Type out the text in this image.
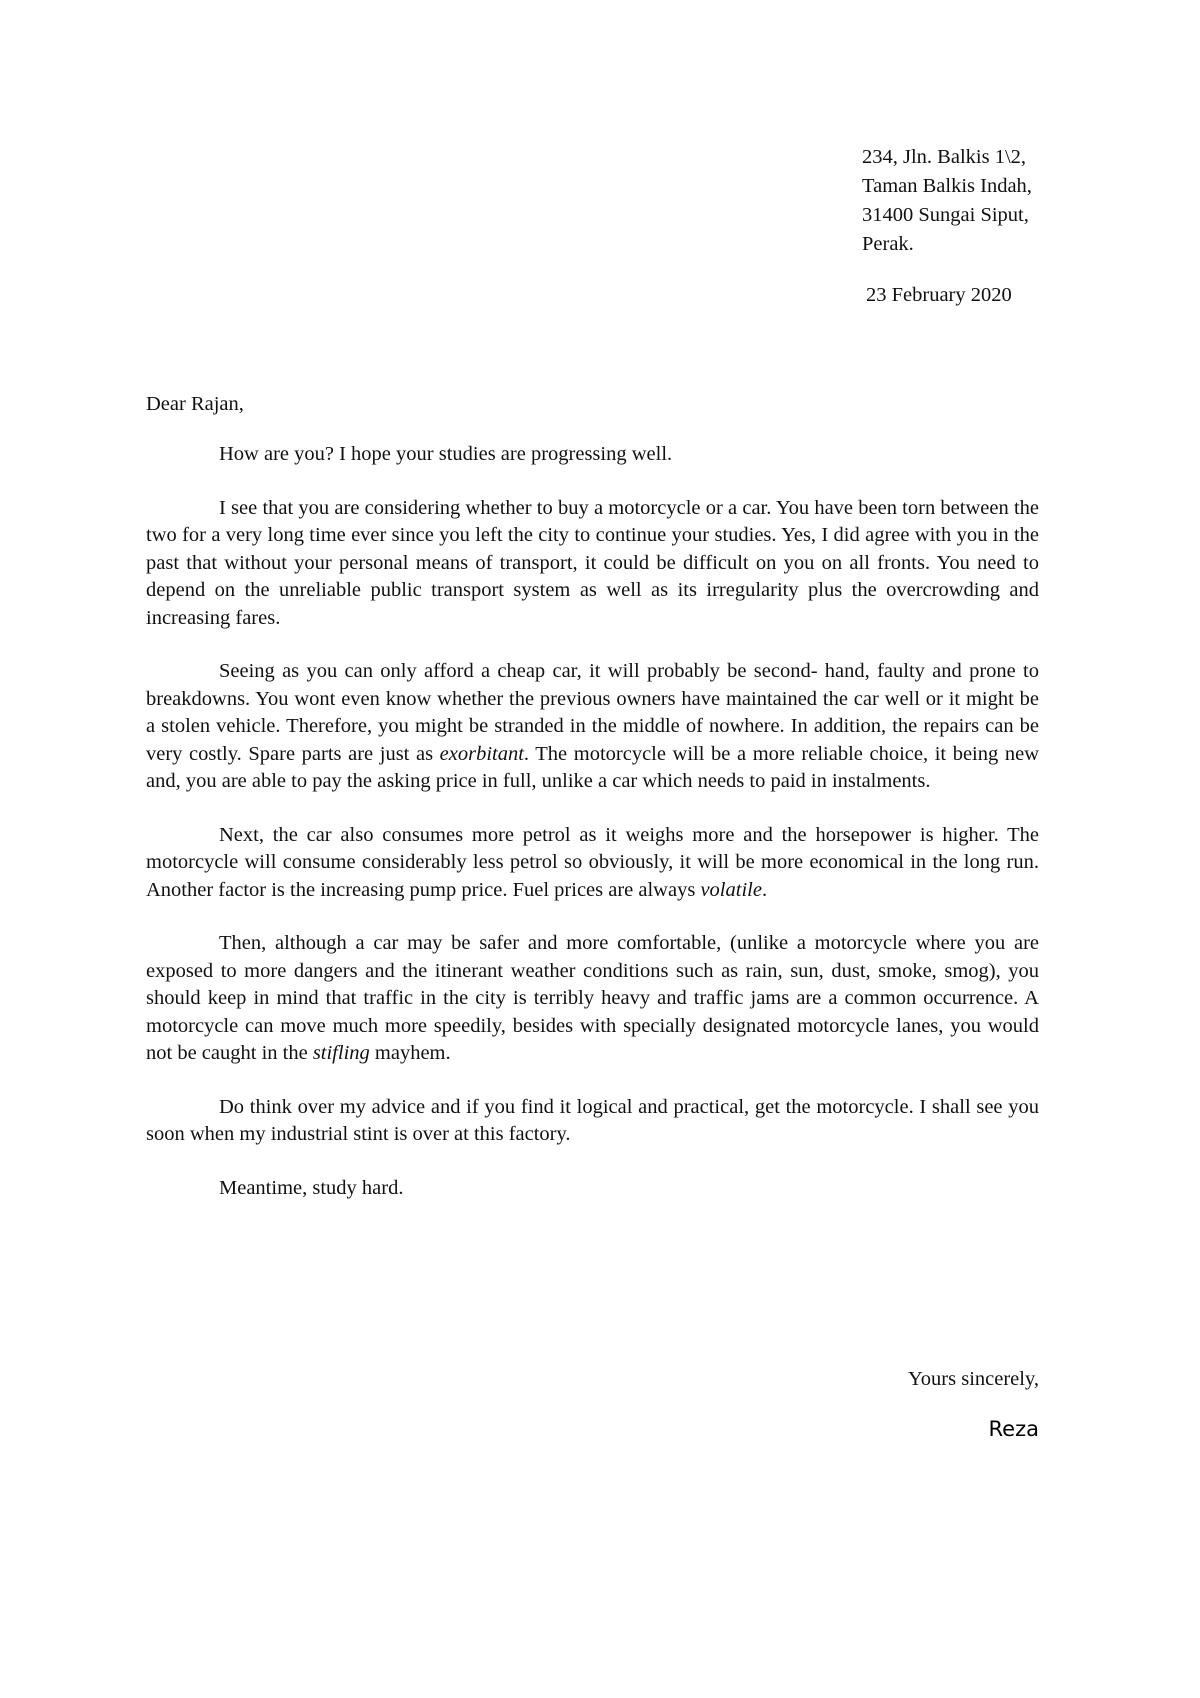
234, Jln. Balkis 1\2,
Taman Balkis Indah,
31400 Sungai Siput,
Perak.
23 February 2020
Dear Rajan,

How are you? I hope your studies are progressing well.

I see that you are considering whether to buy a motorcycle or a car. You have been torn between the two for a very long time ever since you left the city to continue your studies. Yes, I did agree with you in the past that without your personal means of transport, it could be difficult on you on all fronts. You need to depend on the unreliable public transport system as well as its irregularity plus the overcrowding and increasing fares.

Seeing as you can only afford a cheap car, it will probably be second- hand, faulty and prone to breakdowns. You wont even know whether the previous owners have maintained the car well or it might be a stolen vehicle. Therefore, you might be stranded in the middle of nowhere. In addition, the repairs can be very costly. Spare parts are just as exorbitant. The motorcycle will be a more reliable choice, it being new and, you are able to pay the asking price in full, unlike a car which needs to paid in instalments.

Next, the car also consumes more petrol as it weighs more and the horsepower is higher. The motorcycle will consume considerably less petrol so obviously, it will be more economical in the long run. Another factor is the increasing pump price. Fuel prices are always volatile.

Then, although a car may be safer and more comfortable, (unlike a motorcycle where you are exposed to more dangers and the itinerant weather conditions such as rain, sun, dust, smoke, smog), you should keep in mind that traffic in the city is terribly heavy and traffic jams are a common occurrence. A motorcycle can move much more speedily, besides with specially designated motorcycle lanes, you would not be caught in the stifling mayhem.

Do think over my advice and if you find it logical and practical, get the motorcycle. I shall see you soon when my industrial stint is over at this factory.

Meantime, study hard.

Yours sincerely,
Reza
